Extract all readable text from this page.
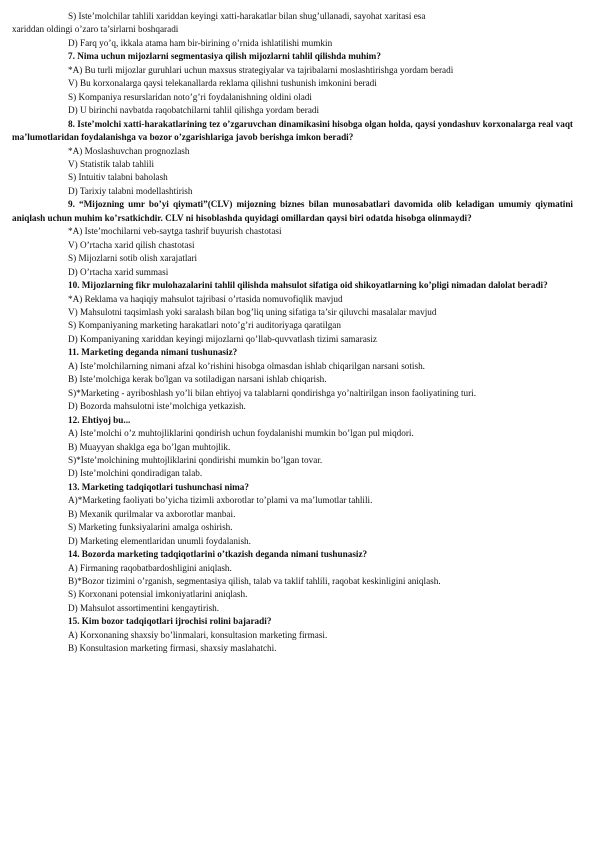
S) Iste’molchilar tahlili xariddan keyingi xatti-harakatlar bilan shug’ullanadi, sayohat xaritasi esa

xariddan oldingi o’zaro ta’sirlarni boshqaradi

D) Farq yo’q, ikkala atama ham bir-birining o’rnida ishlatilishi mumkin

7. Nima uchun mijozlarni segmentasiya qilish mijozlarni tahlil qilishda muhim?

*A) Bu turli mijozlar guruhlari uchun maxsus strategiyalar va tajribalarni moslashtirishga yordam beradi

V) Bu korxonalarga qaysi telekanallarda reklama qilishni tushunish imkonini beradi

S) Kompaniya resurslaridan noto’g’ri foydalanishning oldini oladi

D) U birinchi navbatda raqobatchilarni tahlil qilishga yordam beradi

8. Iste’molchi xatti-harakatlarining tez o’zgaruvchan dinamikasini hisobga olgan holda, qaysi yondashuv korxonalarga real vaqt ma’lumotlaridan foydalanishga va bozor o’zgarishlariga javob berishga imkon beradi?

*A) Moslashuvchan prognozlash

V) Statistik talab tahlili

S) Intuitiv talabni baholash

D) Tarixiy talabni modellashtirish

9. “Mijozning umr bo’yi qiymati”(CLV) mijozning biznes bilan munosabatlari davomida olib keladigan umumiy qiymatini aniqlash uchun muhim ko’rsatkichdir. CLV ni hisoblashda quyidagi omillardan qaysi biri odatda hisobga olinmaydi?

*A) Iste’mochilarni veb-saytga tashrif buyurish chastotasi

V) O’rtacha xarid qilish chastotasi

S) Mijozlarni sotib olish xarajatlari

D) O’rtacha xarid summasi

10. Mijozlarning fikr mulohazalarini tahlil qilishda mahsulot sifatiga oid shikoyatlarning ko’pligi nimadan dalolat beradi?

*A) Reklama va haqiqiy mahsulot tajribasi o’rtasida nomuvofiqlik mavjud

V) Mahsulotni taqsimlash yoki saralash bilan bog’liq uning sifatiga ta’sir qiluvchi masalalar mavjud

S) Kompaniyaning marketing harakatlari noto’g’ri auditoriyaga qaratilgan

D) Kompaniyaning xariddan keyingi mijozlarni qo’llab-quvvatlash tizimi samarasiz

11. Marketing deganda nimani tushunasiz?

A) Iste’molchilarning nimani afzal ko’rishini hisobga olmasdan ishlab chiqarilgan narsani sotish.

B) Iste’molchiga kerak bo'lgan va sotiladigan narsani ishlab chiqarish.

S)*Marketing - ayriboshlash yo’li bilan ehtiyoj va talablarni qondirishga yo’naltirilgan inson faoliyatining turi.

D) Bozorda mahsulotni iste’molchiga yetkazish.

12. Ehtiyoj bu...

A) Iste’molchi o’z muhtojliklarini qondirish uchun foydalanishi mumkin bo’lgan pul miqdori.

B) Muayyan shaklga ega bo’lgan muhtojlik.

S)*Iste’molchining muhtojliklarini qondirishi mumkin bo’lgan tovar.

D) Iste’molchini qondiradigan talab.

13. Marketing tadqiqotlari tushunchasi nima?

A)*Marketing faoliyati bo’yicha tizimli axborotlar to’plami va ma’lumotlar tahlili.

B) Mexanik qurilmalar va axborotlar manbai.

S) Marketing funksiyalarini amalga oshirish.

D) Marketing elementlaridan unumli foydalanish.

14. Bozorda marketing tadqiqotlarini o’tkazish deganda nimani tushunasiz?

A) Firmaning raqobatbardoshligini aniqlash.

B)*Bozor tizimini o’rganish, segmentasiya qilish, talab va taklif tahlili, raqobat keskinligini aniqlash.

S) Korxonani potensial imkoniyatlarini aniqlash.

D) Mahsulot assortimentini kengaytirish.

15. Kim bozor tadqiqotlari ijrochisi rolini bajaradi?

A) Korxonaning shaxsiy bo’linmalari, konsultasion marketing firmasi.

B) Konsultasion marketing firmasi, shaxsiy maslahatchi.
